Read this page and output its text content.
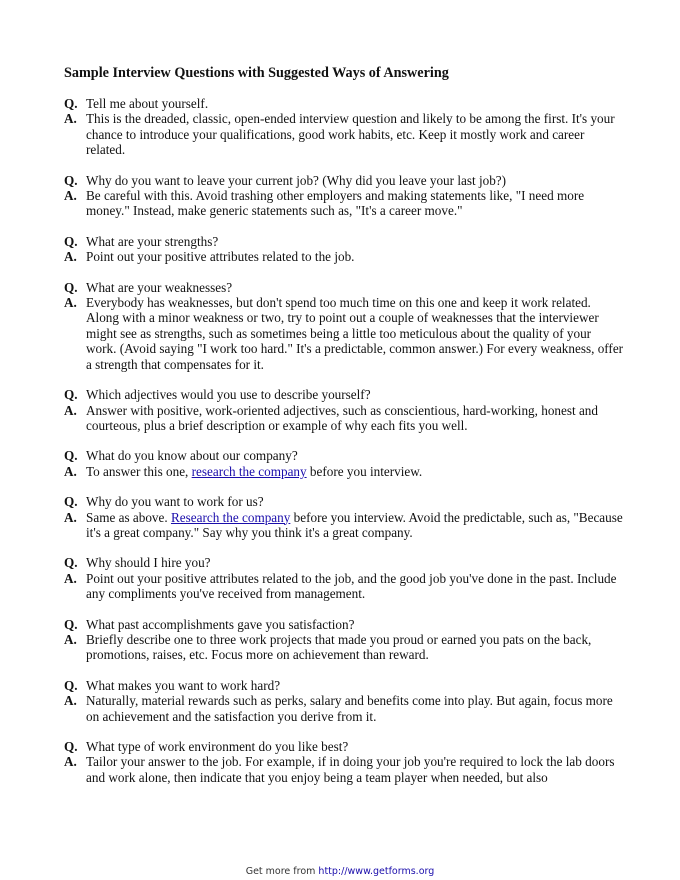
Sample Interview Questions with Suggested Ways of Answering
Q. Tell me about yourself.
A. This is the dreaded, classic, open-ended interview question and likely to be among the first. It's your chance to introduce your qualifications, good work habits, etc. Keep it mostly work and career related.
Q. Why do you want to leave your current job? (Why did you leave your last job?)
A. Be careful with this. Avoid trashing other employers and making statements like, "I need more money." Instead, make generic statements such as, "It's a career move."
Q. What are your strengths?
A. Point out your positive attributes related to the job.
Q. What are your weaknesses?
A. Everybody has weaknesses, but don't spend too much time on this one and keep it work related. Along with a minor weakness or two, try to point out a couple of weaknesses that the interviewer might see as strengths, such as sometimes being a little too meticulous about the quality of your work. (Avoid saying "I work too hard." It's a predictable, common answer.) For every weakness, offer a strength that compensates for it.
Q. Which adjectives would you use to describe yourself?
A. Answer with positive, work-oriented adjectives, such as conscientious, hard-working, honest and courteous, plus a brief description or example of why each fits you well.
Q. What do you know about our company?
A. To answer this one, research the company before you interview.
Q. Why do you want to work for us?
A. Same as above. Research the company before you interview. Avoid the predictable, such as, "Because it's a great company." Say why you think it's a great company.
Q. Why should I hire you?
A. Point out your positive attributes related to the job, and the good job you've done in the past. Include any compliments you've received from management.
Q. What past accomplishments gave you satisfaction?
A. Briefly describe one to three work projects that made you proud or earned you pats on the back, promotions, raises, etc. Focus more on achievement than reward.
Q. What makes you want to work hard?
A. Naturally, material rewards such as perks, salary and benefits come into play. But again, focus more on achievement and the satisfaction you derive from it.
Q. What type of work environment do you like best?
A. Tailor your answer to the job. For example, if in doing your job you're required to lock the lab doors and work alone, then indicate that you enjoy being a team player when needed, but also
Get more from http://www.getforms.org
